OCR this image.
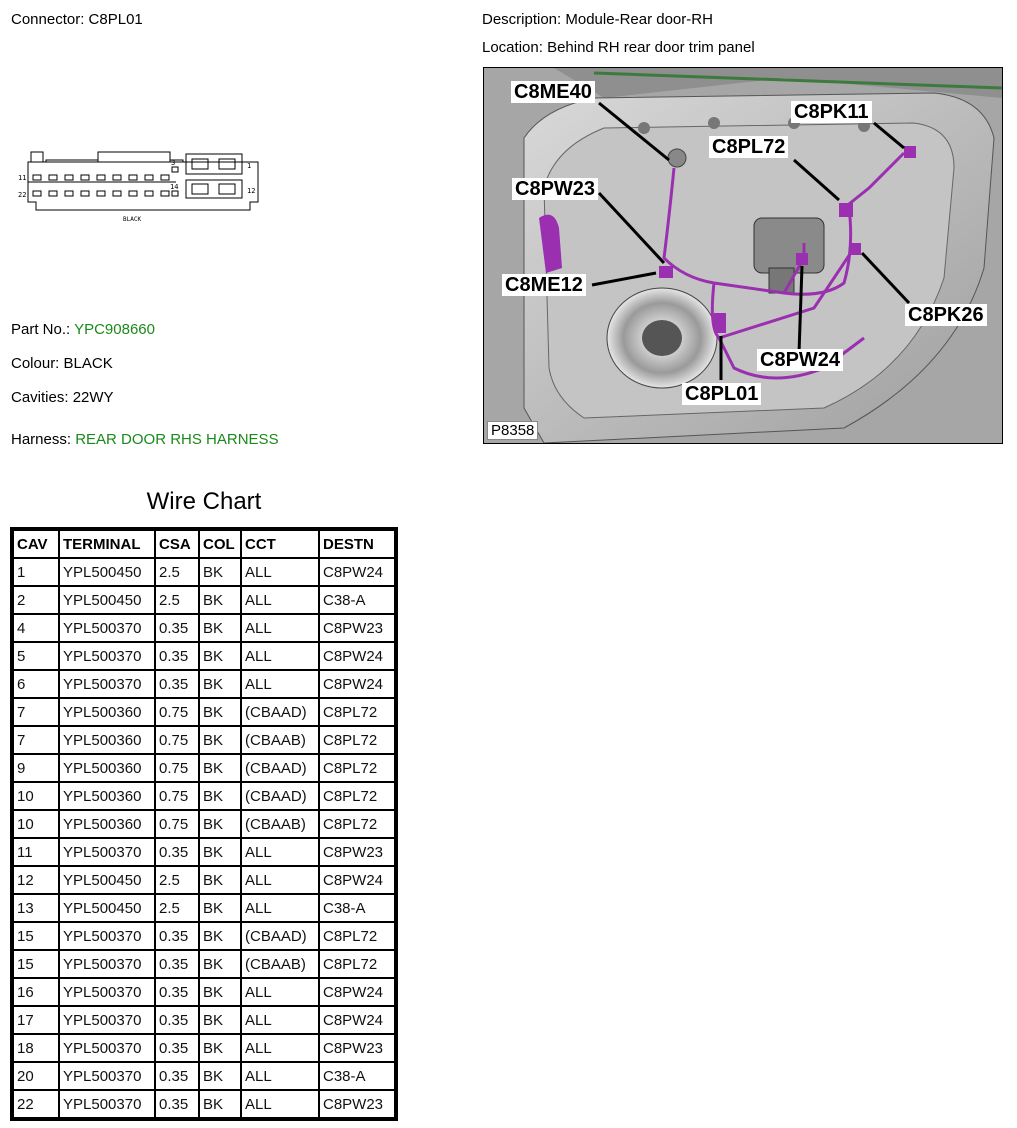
Connector: C8PL01	Description: Module-Rear door-RH
Location: Behind RH rear door trim panel
3	1
11
14	12
22
BLACK
Part No.: YPC908660
Colour: BLACK
Cavities: 22WY
Harness: REAR DOOR RHS HARNESS
C8ME40
C8PK11
C8PL72
C8PW23
C8ME12
C8PK26
C8PW24
C8PL01
P8358
Wire Chart
CAV	TERMINAL	CSA	COL	CCT	DESTN
1	YPL500450	2.5	BK	ALL	C8PW24
2	YPL500450	2.5	BK	ALL	C38-A
4	YPL500370	0.35	BK	ALL	C8PW23
5	YPL500370	0.35	BK	ALL	C8PW24
6	YPL500370	0.35	BK	ALL	C8PW24
7	YPL500360	0.75	BK	(CBAAD)	C8PL72
7	YPL500360	0.75	BK	(CBAAB)	C8PL72
9	YPL500360	0.75	BK	(CBAAD)	C8PL72
10	YPL500360	0.75	BK	(CBAAD)	C8PL72
10	YPL500360	0.75	BK	(CBAAB)	C8PL72
11	YPL500370	0.35	BK	ALL	C8PW23
12	YPL500450	2.5	BK	ALL	C8PW24
13	YPL500450	2.5	BK	ALL	C38-A
15	YPL500370	0.35	BK	(CBAAD)	C8PL72
15	YPL500370	0.35	BK	(CBAAB)	C8PL72
16	YPL500370	0.35	BK	ALL	C8PW24
17	YPL500370	0.35	BK	ALL	C8PW24
18	YPL500370	0.35	BK	ALL	C8PW23
20	YPL500370	0.35	BK	ALL	C38-A
22	YPL500370	0.35	BK	ALL	C8PW23
